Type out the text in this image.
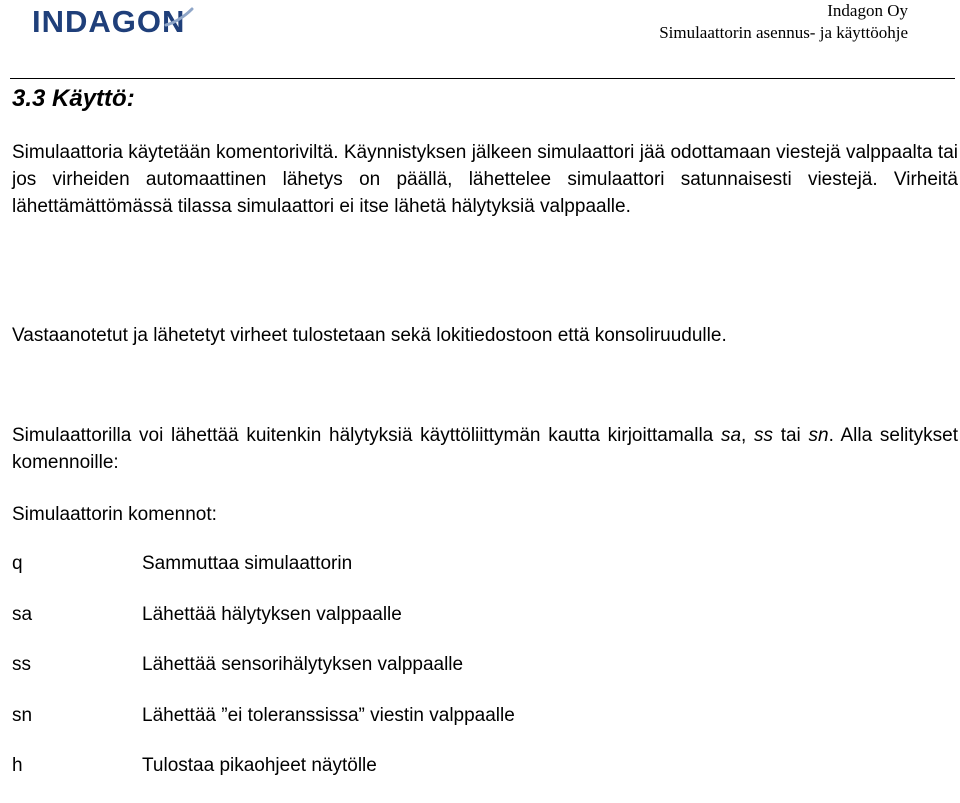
INDAGON	Indagon Oy
Simulaattorin asennus- ja käyttöohje
3.3 Käyttö:

Simulaattoria käytetään komentoriviltä. Käynnistyksen jälkeen simulaattori jää odottamaan viestejä valppaalta tai jos virheiden automaattinen lähetys on päällä, lähettelee simulaattori satunnaisesti viestejä. Virheitä lähettämättömässä tilassa simulaattori ei itse lähetä hälytyksiä valppaalle.

Vastaanotetut ja lähetetyt virheet tulostetaan sekä lokitiedostoon että konsoliruudulle.

Simulaattorilla voi lähettää kuitenkin hälytyksiä käyttöliittymän kautta kirjoittamalla sa, ss tai sn. Alla selitykset komennoille:

Simulaattorin komennot:

q	Sammuttaa simulaattorin
sa	Lähettää hälytyksen valppaalle
ss	Lähettää sensorihälytyksen valppaalle
sn	Lähettää ”ei toleranssissa” viestin valppaalle
h	Tulostaa pikaohjeet näytölle
